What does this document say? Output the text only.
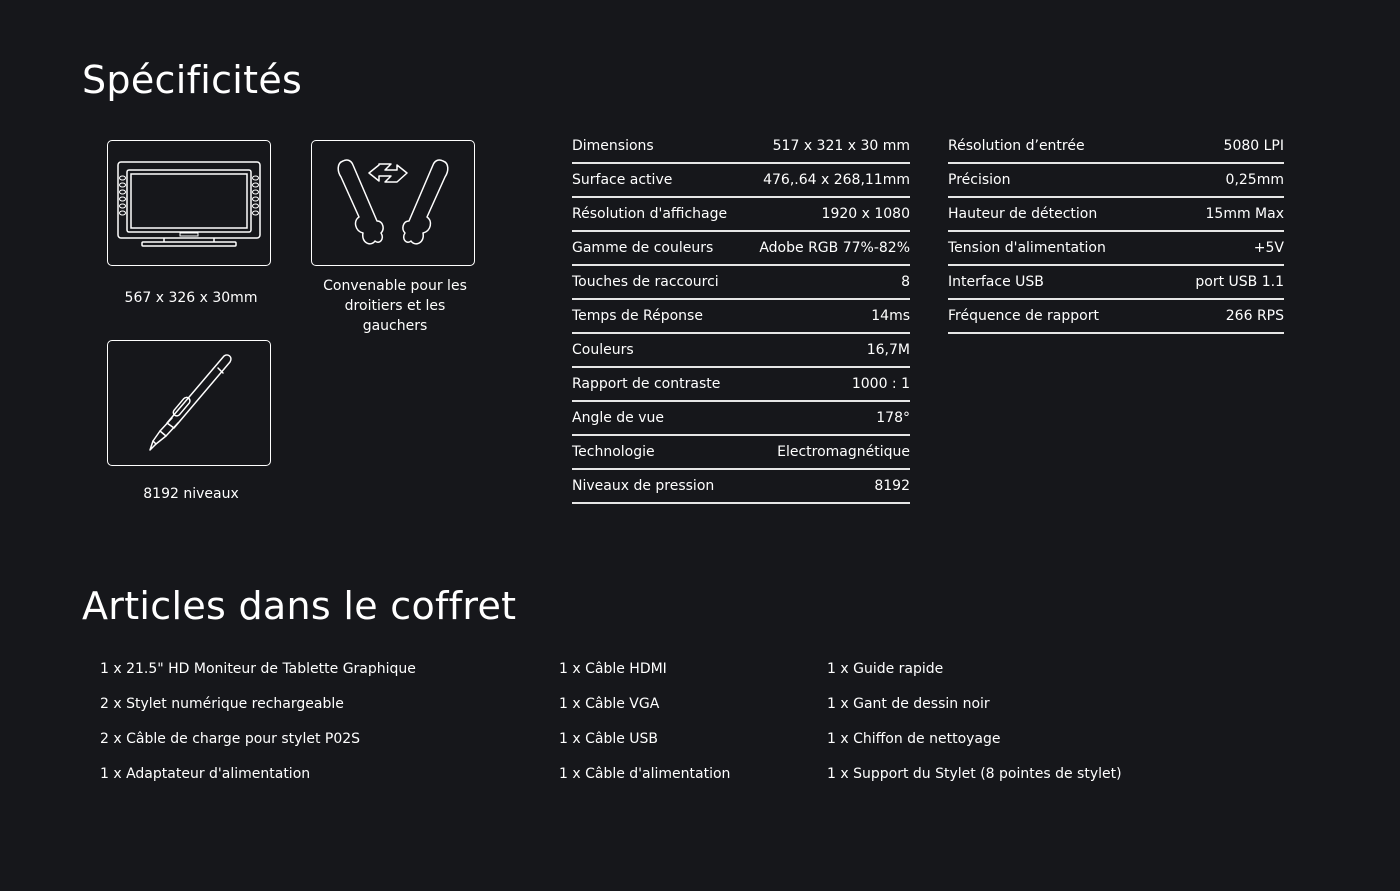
Spécificités
567 x 326 x 30mm
Convenable pour les
droitiers et les gauchers
8192 niveaux
Dimensions	517 x 321 x 30 mm
Surface active	476,.64 x 268,11mm
Résolution d'affichage	1920 x 1080
Gamme de couleurs	Adobe RGB 77%-82%
Touches de raccourci	8
Temps de Réponse	14ms
Couleurs	16,7M
Rapport de contraste	1000 : 1
Angle de vue	178°
Technologie	Electromagnétique
Niveaux de pression	8192
Résolution d’entrée	5080 LPI
Précision	0,25mm
Hauteur de détection	15mm Max
Tension d'alimentation	+5V
Interface USB	port USB 1.1
Fréquence de rapport	266 RPS
Articles dans le coffret
1 x 21.5" HD Moniteur de Tablette Graphique
2 x Stylet numérique rechargeable
2 x Câble de charge pour stylet P02S
1 x Adaptateur d'alimentation
1 x Câble HDMI
1 x Câble VGA
1 x Câble USB
1 x Câble d'alimentation
1 x Guide rapide
1 x Gant de dessin noir
1 x Chiffon de nettoyage
1 x Support du Stylet (8 pointes de stylet)
